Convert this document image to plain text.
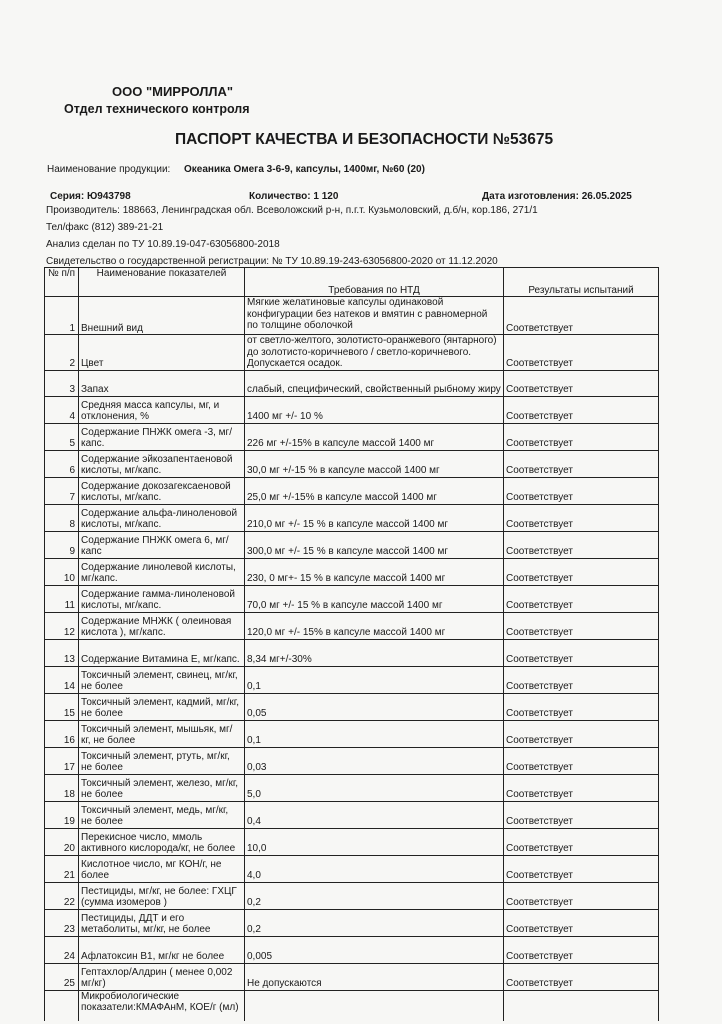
ООО "МИРРОЛЛА"
Отдел технического контроля
ПАСПОРТ КАЧЕСТВА И БЕЗОПАСНОСТИ №53675
Наименование продукции: Океаника Омега 3-6-9, капсулы, 1400мг, №60 (20)
Серия: Ю943798	Количество: 1 120	Дата изготовления: 26.05.2025
Производитель: 188663, Ленинградская обл. Всеволожский р-н, п.г.т. Кузьмоловский, д.б/н, кор.186, 271/1
Тел/факс (812) 389-21-21
Анализ сделан по ТУ 10.89.19-047-63056800-2018
Свидетельство о государственной регистрации: № ТУ 10.89.19-243-63056800-2020 от 11.12.2020
№ п/п	Наименование показателей	Требования по НТД	Результаты испытаний
1	Внешний вид	Мягкие желатиновые капсулы одинаковой конфигурации без натеков и вмятин с равномерной по толщине оболочкой	Соответствует
2	Цвет	от светло-желтого, золотисто-оранжевого (янтарного) до золотисто-коричневого / светло-коричневого. Допускается осадок.	Соответствует
3	Запах	слабый, специфический, свойственный рыбному жиру	Соответствует
4	Средняя масса капсулы, мг, и отклонения, %	1400 мг +/- 10 %	Соответствует
5	Содержание ПНЖК омега -3, мг/капс.	226 мг +/-15% в капсуле массой 1400 мг	Соответствует
6	Содержание эйкозапентаеновой кислоты, мг/капс.	30,0 мг +/-15 % в капсуле массой 1400 мг	Соответствует
7	Содержание докозагексаеновой кислоты, мг/капс.	25,0 мг +/-15% в капсуле массой 1400 мг	Соответствует
8	Содержание альфа-линоленовой кислоты, мг/капс.	210,0 мг +/- 15 % в капсуле массой 1400 мг	Соответствует
9	Содержание ПНЖК омега 6, мг/капс	300,0 мг +/- 15 % в капсуле массой 1400 мг	Соответствует
10	Содержание линолевой кислоты, мг/капс.	230, 0 мг+- 15 % в капсуле массой 1400 мг	Соответствует
11	Содержание гамма-линоленовой кислоты, мг/капс.	70,0 мг +/- 15 % в капсуле массой 1400 мг	Соответствует
12	Содержание МНЖК ( олеиновая кислота ), мг/капс.	120,0 мг +/- 15% в капсуле массой 1400 мг	Соответствует
13	Содержание Витамина Е, мг/капс.	8,34 мг+/-30%	Соответствует
14	Токсичный элемент, свинец, мг/кг, не более	0,1	Соответствует
15	Токсичный элемент, кадмий, мг/кг, не более	0,05	Соответствует
16	Токсичный элемент, мышьяк, мг/кг, не более	0,1	Соответствует
17	Токсичный элемент, ртуть, мг/кг, не более	0,03	Соответствует
18	Токсичный элемент, железо, мг/кг, не более	5,0	Соответствует
19	Токсичный элемент, медь, мг/кг, не более	0,4	Соответствует
20	Перекисное число, ммоль активного кислорода/кг, не более	10,0	Соответствует
21	Кислотное число, мг КОН/г, не более	4,0	Соответствует
22	Пестициды, мг/кг, не более: ГХЦГ (сумма изомеров )	0,2	Соответствует
23	Пестициды, ДДТ и его метаболиты, мг/кг, не более	0,2	Соответствует
24	Афлатоксин В1, мг/кг не более	0,005	Соответствует
25	Гептахлор/Алдрин ( менее 0,002 мг/кг)	Не допускаются	Соответствует
	Микробиологические показатели:КМАФАнМ, КОЕ/г (мл)		
